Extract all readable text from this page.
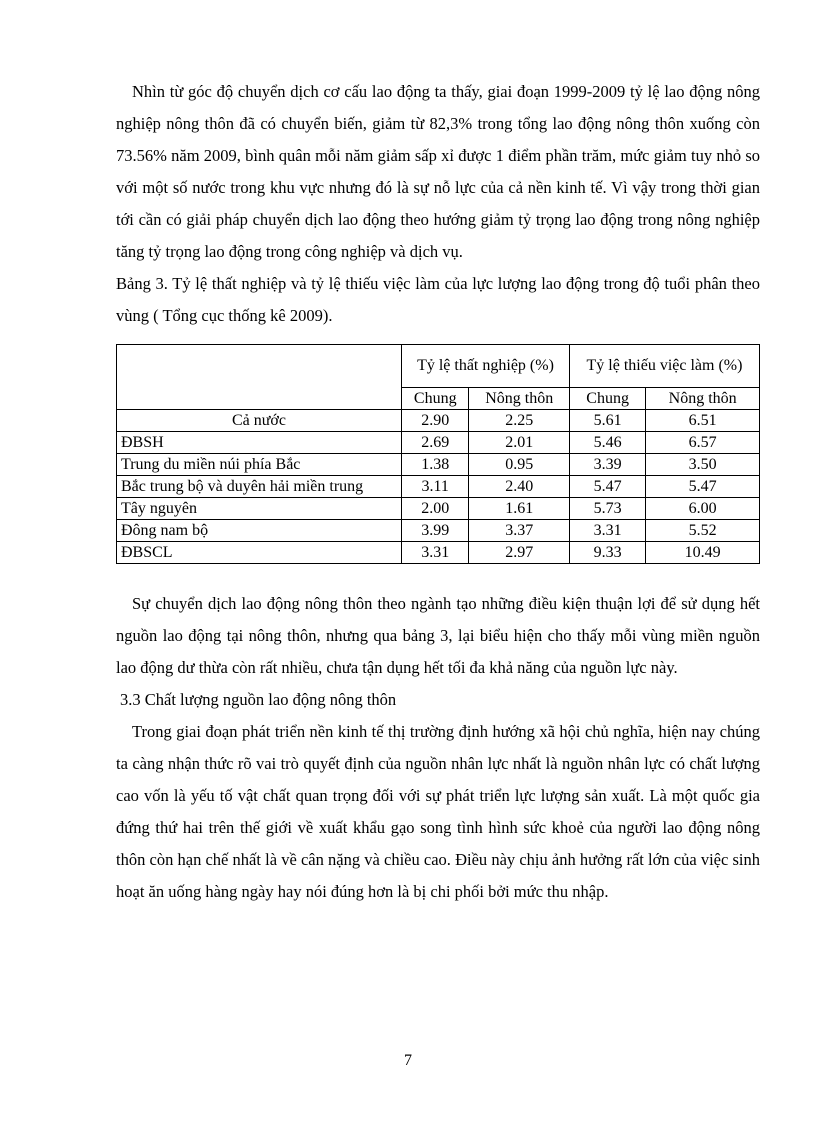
Nhìn từ góc độ chuyển dịch cơ cấu lao động ta thấy, giai đoạn 1999-2009 tỷ lệ lao động nông nghiệp nông thôn đã có chuyển biến, giảm từ 82,3% trong tổng lao động nông thôn xuống còn 73.56% năm 2009, bình quân mỗi năm giảm sấp xỉ được 1 điểm phần trăm, mức giảm tuy nhỏ so với một số nước trong khu vực nhưng đó là sự nỗ lực của cả nền kinh tế. Vì vậy trong thời gian tới cần có giải pháp chuyển dịch lao động theo hướng giảm tỷ trọng lao động trong nông nghiệp tăng tỷ trọng lao động trong công nghiệp và dịch vụ.

Bảng 3. Tỷ lệ thất nghiệp và tỷ lệ thiếu việc làm của lực lượng lao động trong độ tuổi phân theo vùng ( Tổng cục thống kê 2009).

	Tỷ lệ thất nghiệp (%)		Tỷ lệ thiếu việc làm (%)	
	Chung	Nông thôn	Chung	Nông thôn
Cả nước	2.90	2.25	5.61	6.51
ĐBSH	2.69	2.01	5.46	6.57
Trung du miền núi phía Bắc	1.38	0.95	3.39	3.50
Bắc trung bộ và duyên hải miền trung	3.11	2.40	5.47	5.47
Tây nguyên	2.00	1.61	5.73	6.00
Đông nam bộ	3.99	3.37	3.31	5.52
ĐBSCL	3.31	2.97	9.33	10.49

Sự chuyển dịch lao động nông thôn theo ngành tạo những điều kiện thuận lợi để sử dụng hết nguồn lao động tại nông thôn, nhưng qua bảng 3, lại biểu hiện cho thấy mỗi vùng miền nguồn lao động dư thừa còn rất nhiều, chưa tận dụng hết tối đa khả năng của nguồn lực này.

3.3 Chất lượng nguồn lao động nông thôn

Trong giai đoạn phát triển nền kinh tế thị trường định hướng xã hội chủ nghĩa, hiện nay chúng ta càng nhận thức rõ vai trò quyết định của nguồn nhân lực nhất là nguồn nhân lực có chất lượng cao vốn là yếu tố vật chất quan trọng đối với sự phát triển lực lượng sản xuất. Là một quốc gia đứng thứ hai trên thế giới về xuất khẩu gạo song tình hình sức khoẻ của người lao động nông thôn còn hạn chế nhất là về cân nặng và chiều cao. Điều này chịu ảnh hưởng rất lớn của việc sinh hoạt ăn uống hàng ngày hay nói đúng hơn là bị chi phối bởi mức thu nhập.

7
